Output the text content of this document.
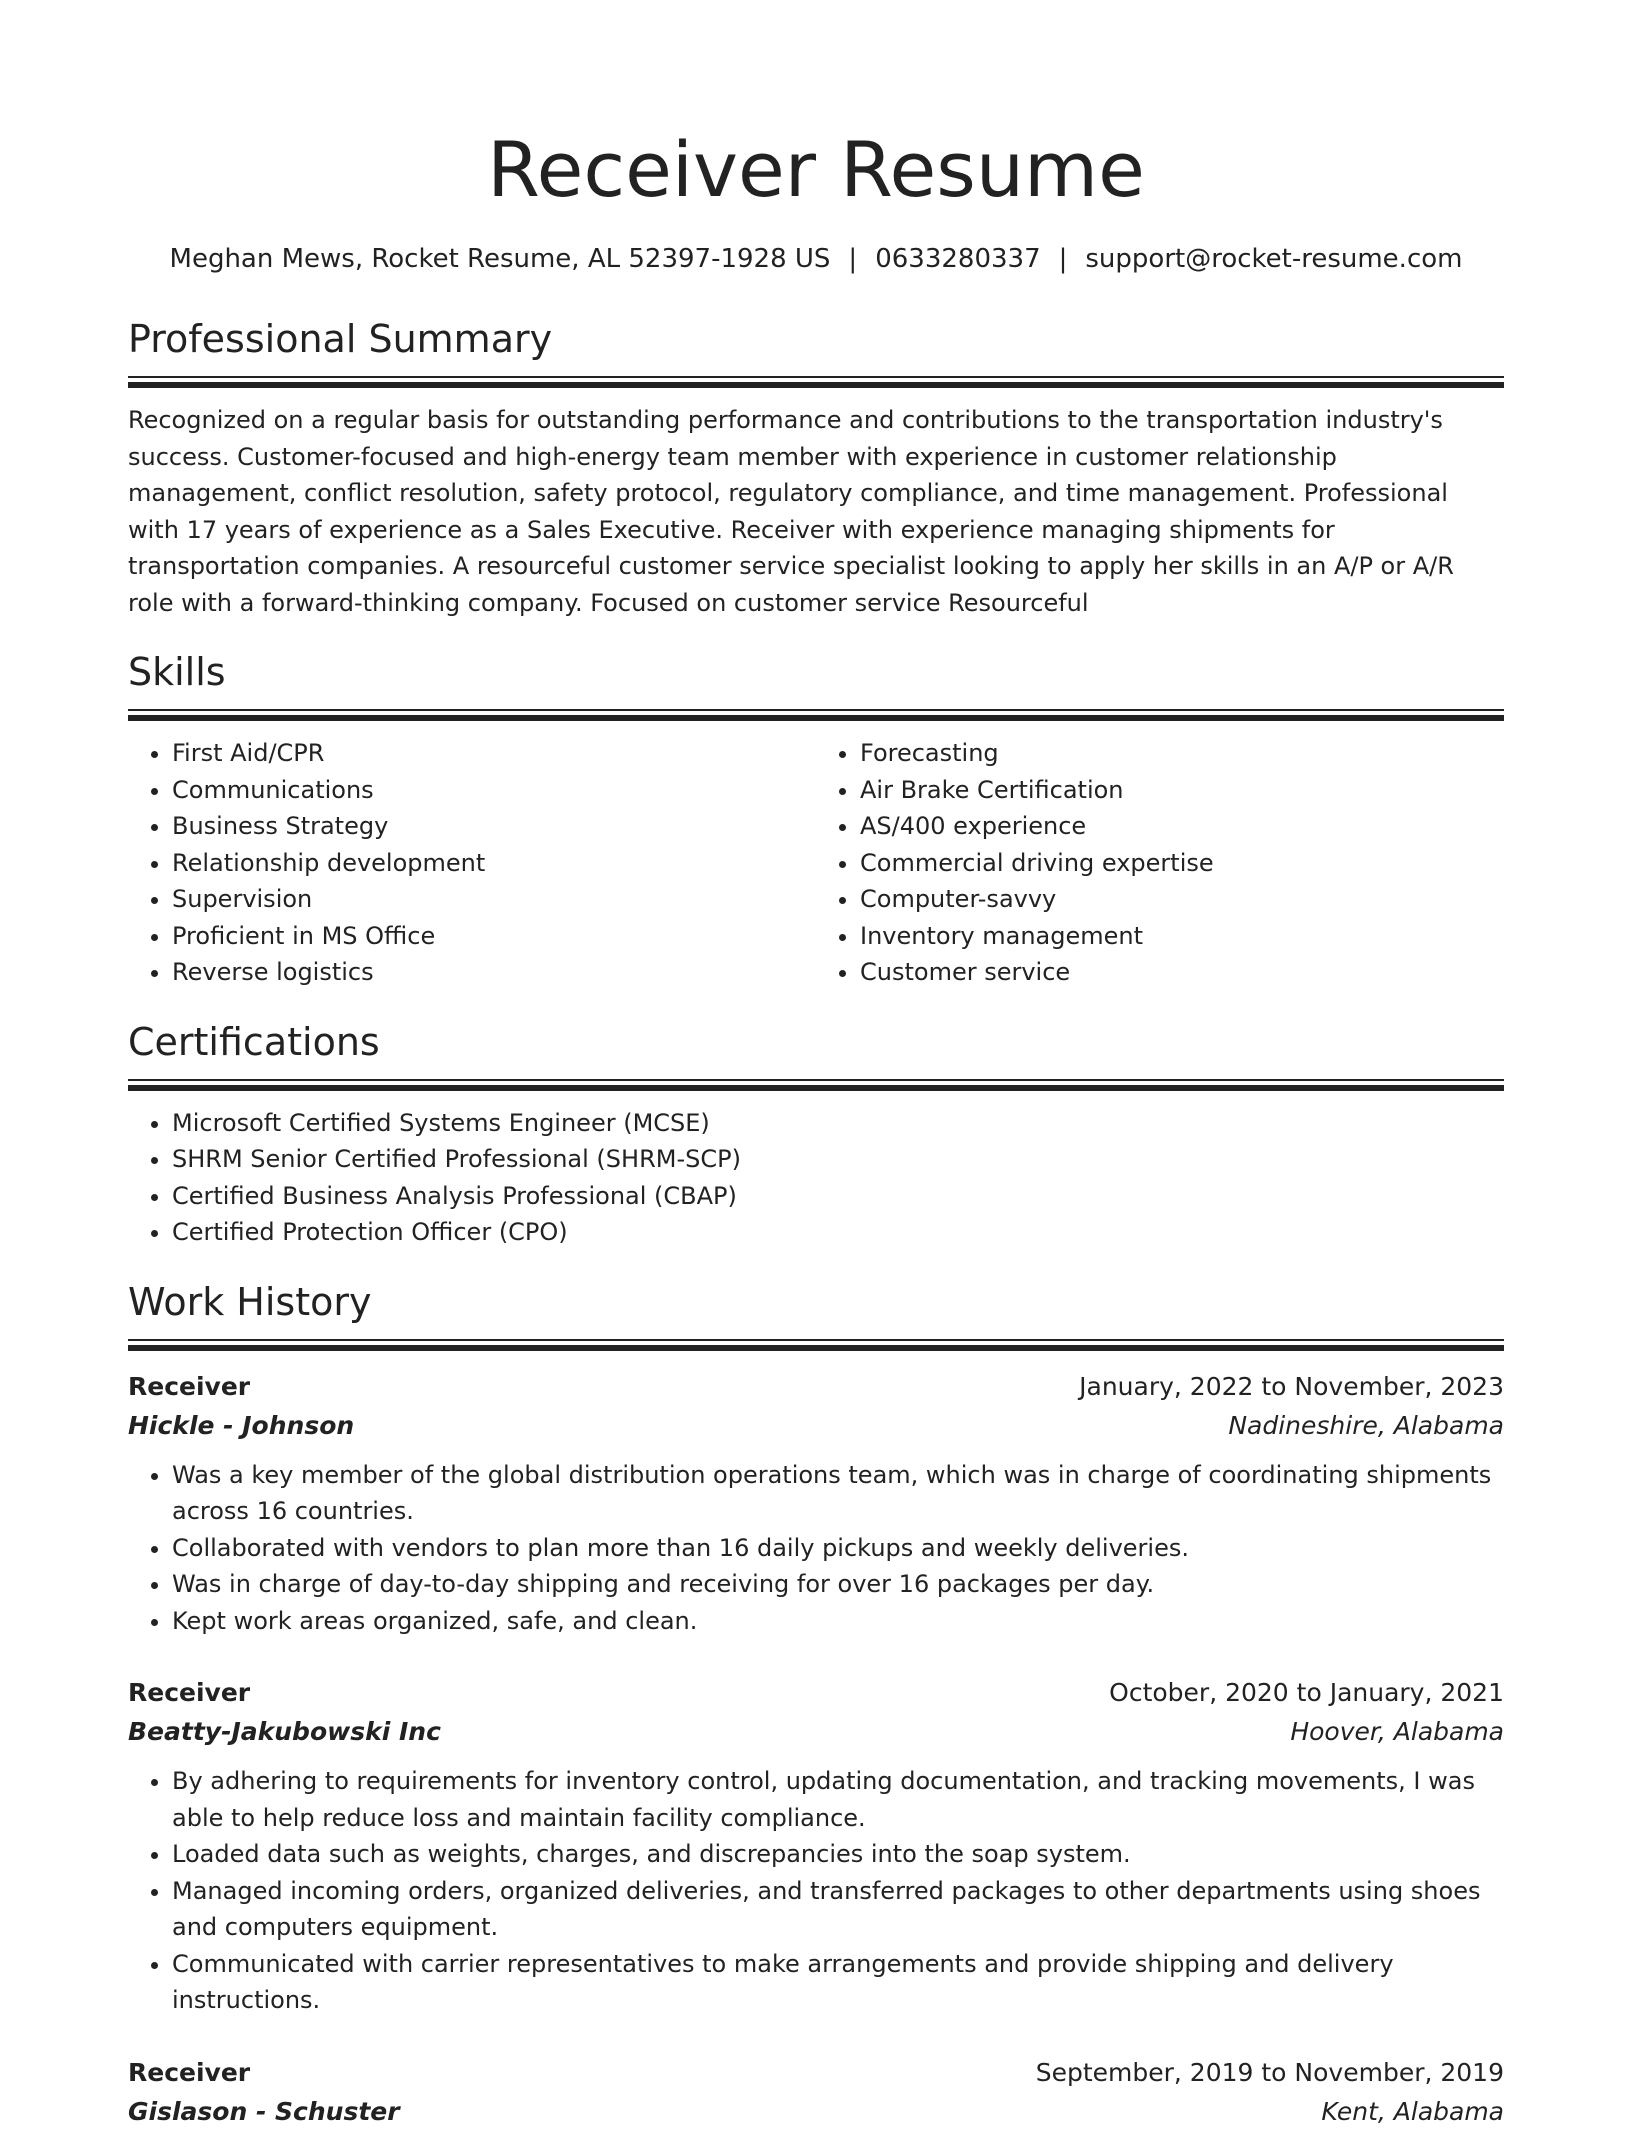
Receiver Resume
Meghan Mews, Rocket Resume, AL 52397-1928 US | 0633280337 | support@rocket-resume.com
Professional Summary
Recognized on a regular basis for outstanding performance and contributions to the transportation industry's success. Customer-focused and high-energy team member with experience in customer relationship management, conflict resolution, safety protocol, regulatory compliance, and time management. Professional with 17 years of experience as a Sales Executive. Receiver with experience managing shipments for transportation companies. A resourceful customer service specialist looking to apply her skills in an A/P or A/R role with a forward-thinking company. Focused on customer service Resourceful
Skills
• First Aid/CPR
• Communications
• Business Strategy
• Relationship development
• Supervision
• Proficient in MS Office
• Reverse logistics
• Forecasting
• Air Brake Certification
• AS/400 experience
• Commercial driving expertise
• Computer-savvy
• Inventory management
• Customer service
Certifications
• Microsoft Certified Systems Engineer (MCSE)
• SHRM Senior Certified Professional (SHRM-SCP)
• Certified Business Analysis Professional (CBAP)
• Certified Protection Officer (CPO)
Work History
Receiver	January, 2022 to November, 2023
Hickle - Johnson	Nadineshire, Alabama
• Was a key member of the global distribution operations team, which was in charge of coordinating shipments across 16 countries.
• Collaborated with vendors to plan more than 16 daily pickups and weekly deliveries.
• Was in charge of day-to-day shipping and receiving for over 16 packages per day.
• Kept work areas organized, safe, and clean.
Receiver	October, 2020 to January, 2021
Beatty-Jakubowski Inc	Hoover, Alabama
• By adhering to requirements for inventory control, updating documentation, and tracking movements, I was able to help reduce loss and maintain facility compliance.
• Loaded data such as weights, charges, and discrepancies into the soap system.
• Managed incoming orders, organized deliveries, and transferred packages to other departments using shoes and computers equipment.
• Communicated with carrier representatives to make arrangements and provide shipping and delivery instructions.
Receiver	September, 2019 to November, 2019
Gislason - Schuster	Kent, Alabama
